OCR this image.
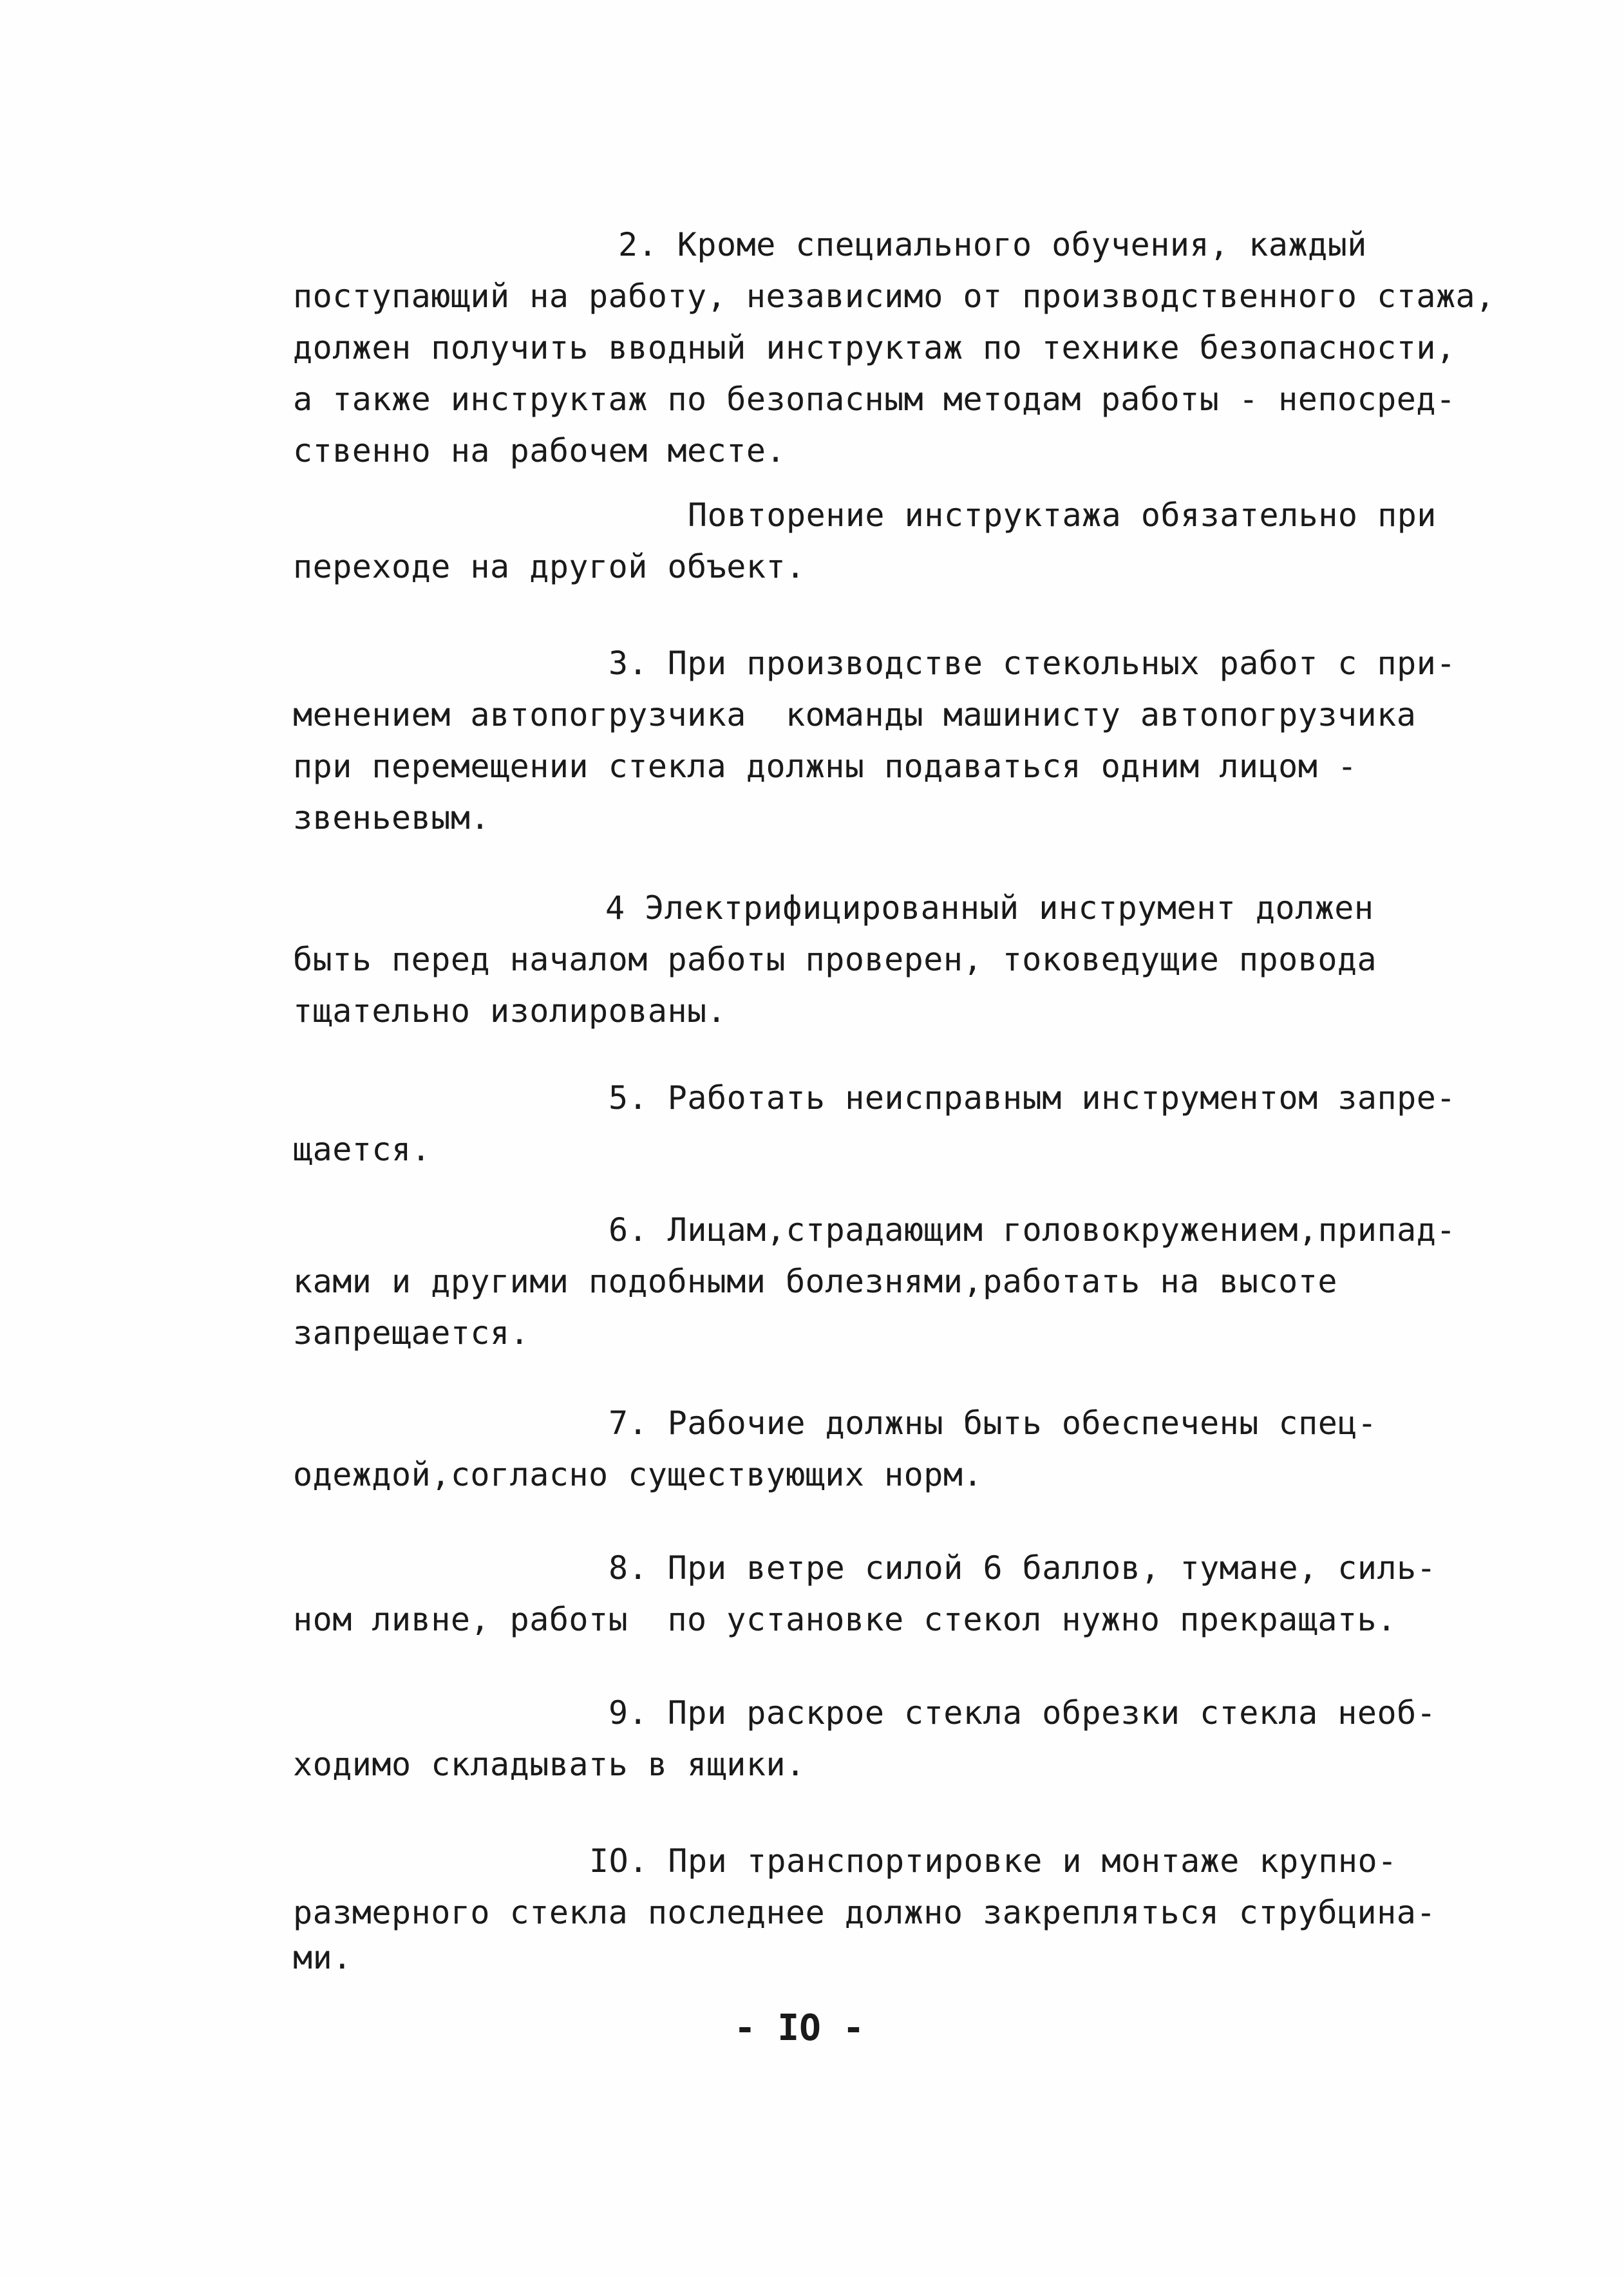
2. Кроме специального обучения, каждый
поступающий на работу, независимо от производственного стажа,
должен получить вводный инструктаж по технике безопасности,
а также инструктаж по безопасным методам работы - непосред-
ственно на рабочем месте.
Повторение инструктажа обязательно при
переходе на другой объект.
3. При производстве стекольных работ с при-
менением автопогрузчика  команды машинисту автопогрузчика
при перемещении стекла должны подаваться одним лицом -
звеньевым.
4 Электрифицированный инструмент должен
быть перед началом работы проверен, токоведущие провода
тщательно изолированы.
5. Работать неисправным инструментом запре-
щается.
6. Лицам,страдающим головокружением,припад-
ками и другими подобными болезнями,работать на высоте
запрещается.
7. Рабочие должны быть обеспечены спец-
одеждой,согласно существующих норм.
8. При ветре силой 6 баллов, тумане, силь-
ном ливне, работы  по установке стекол нужно прекращать.
9. При раскрое стекла обрезки стекла необ-
ходимо складывать в ящики.
IO. При транспортировке и монтаже крупно-
размерного стекла последнее должно закрепляться струбцина-
ми.
- IO -
